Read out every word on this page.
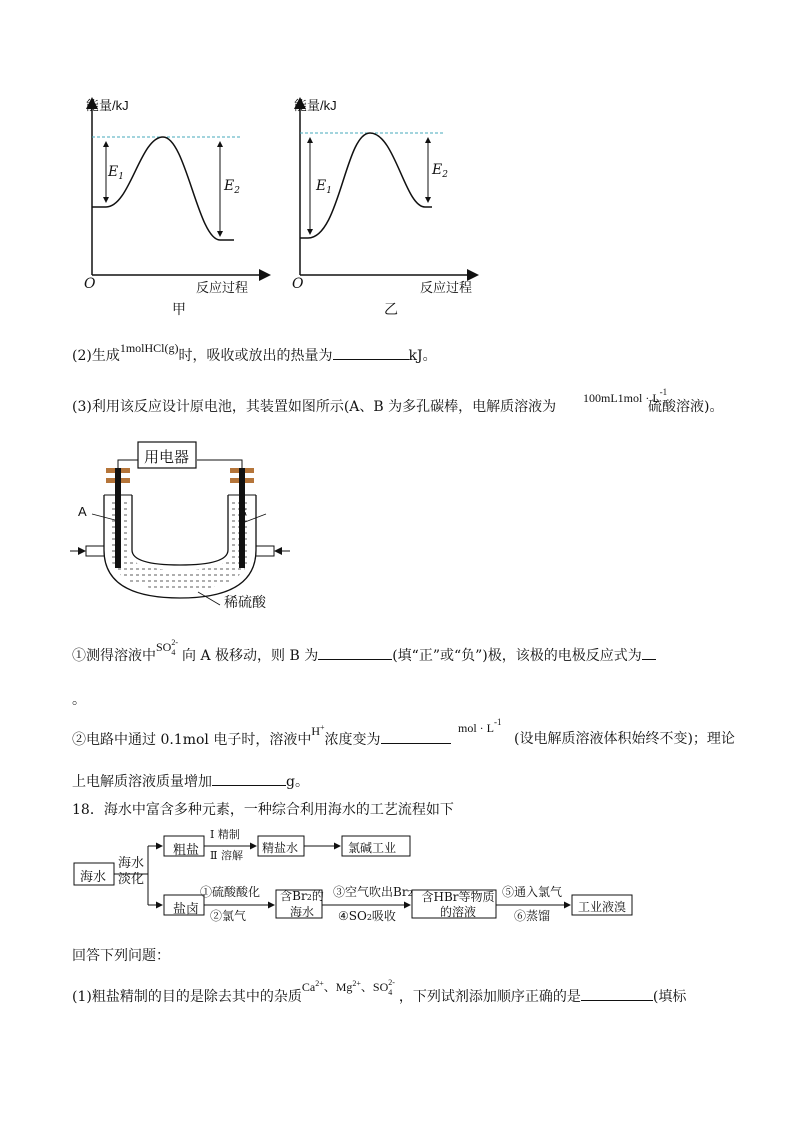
能量/kJ	能量/kJ
反应过程	反应过程
O	O
甲	乙
$E_1$
$E_2$	$E_1$
$E_2$
(2)生成1molHCl(g)时，吸收或放出的热量为	kJ。
(3)利用该反应设计原电池，其装置如图所示(A、B 为多孔碳棒，电解质溶液为
$100mL1mol \cdot L^{-1}$
硫酸溶液)。
用电器
A	B
稀硫酸
①测得溶液中$SO_4^{2-}$向 A 极移动，则 B 为	(填“正”或“负”)极，该极的电极反应式为
。
②电路中通过 0.1mol 电子时，溶液中H+浓度变为
mol · $L^{-1}$
(设电解质溶液体积始终不变)；理论
上电解质溶液质量增加	g。
18．海水中富含多种元素，一种综合利用海水的工艺流程如下
海水
海水淡化
粗盐
Ⅰ 精制
Ⅱ 溶解
精盐水	氯碱工业
盐卤
①硫酸酸化
②氯气
含Br2的海水
③空气吹出Br2
④SO2吸收
含HBr等物质
的溶液
⑤通入氯气
⑥蒸馏
工业液溴
回答下列问题：
(1)粗盐精制的目的是除去其中的杂质$Ca^{2+}$、$Mg^{2+}$、$SO_4^{2-}$，下列试剂添加顺序正确的是	(填标
